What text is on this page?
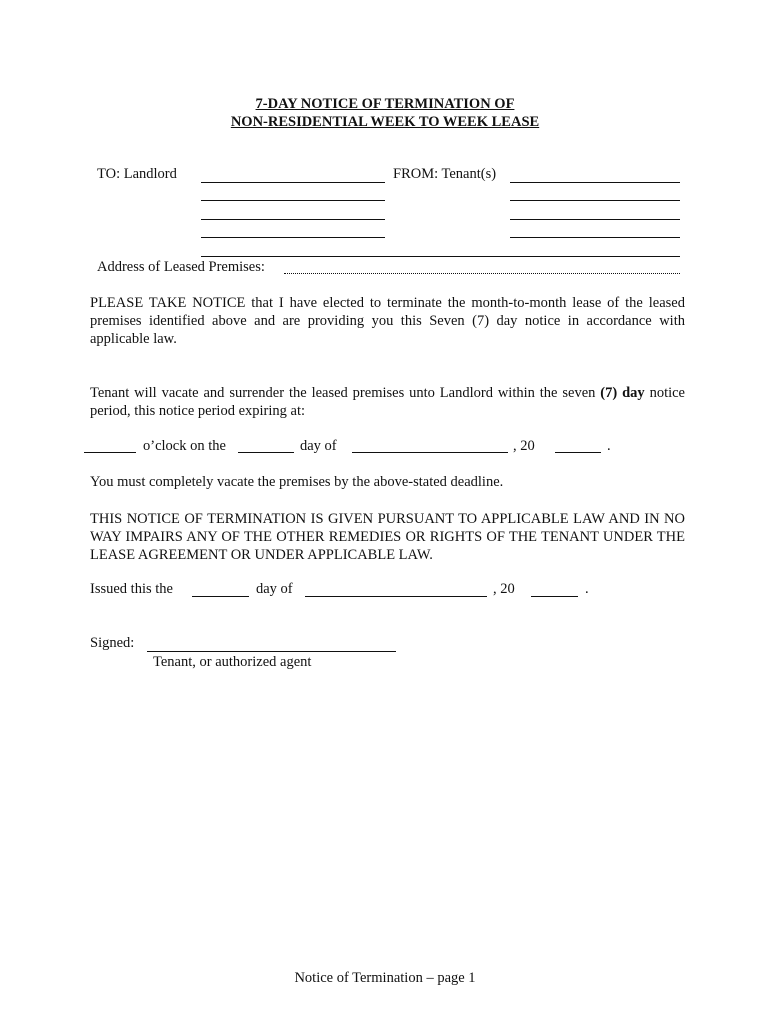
7-DAY NOTICE OF TERMINATION OF
NON-RESIDENTIAL WEEK TO WEEK LEASE
TO: Landlord	FROM: Tenant(s)
Address of Leased Premises:
PLEASE TAKE NOTICE that I have elected to terminate the month-to-month lease of the leased premises identified above and are providing you this Seven (7) day notice in accordance with applicable law.
Tenant will vacate and surrender the leased premises unto Landlord within the seven (7) day notice period, this notice period expiring at:
o’clock on the	day of	, 20	.
You must completely vacate the premises by the above-stated deadline.
THIS NOTICE OF TERMINATION IS GIVEN PURSUANT TO APPLICABLE LAW AND IN NO WAY IMPAIRS ANY OF THE OTHER REMEDIES OR RIGHTS OF THE TENANT UNDER THE LEASE AGREEMENT OR UNDER APPLICABLE LAW.
Issued this the	day of	, 20	.
Signed:
Tenant, or authorized agent
Notice of Termination – page 1
